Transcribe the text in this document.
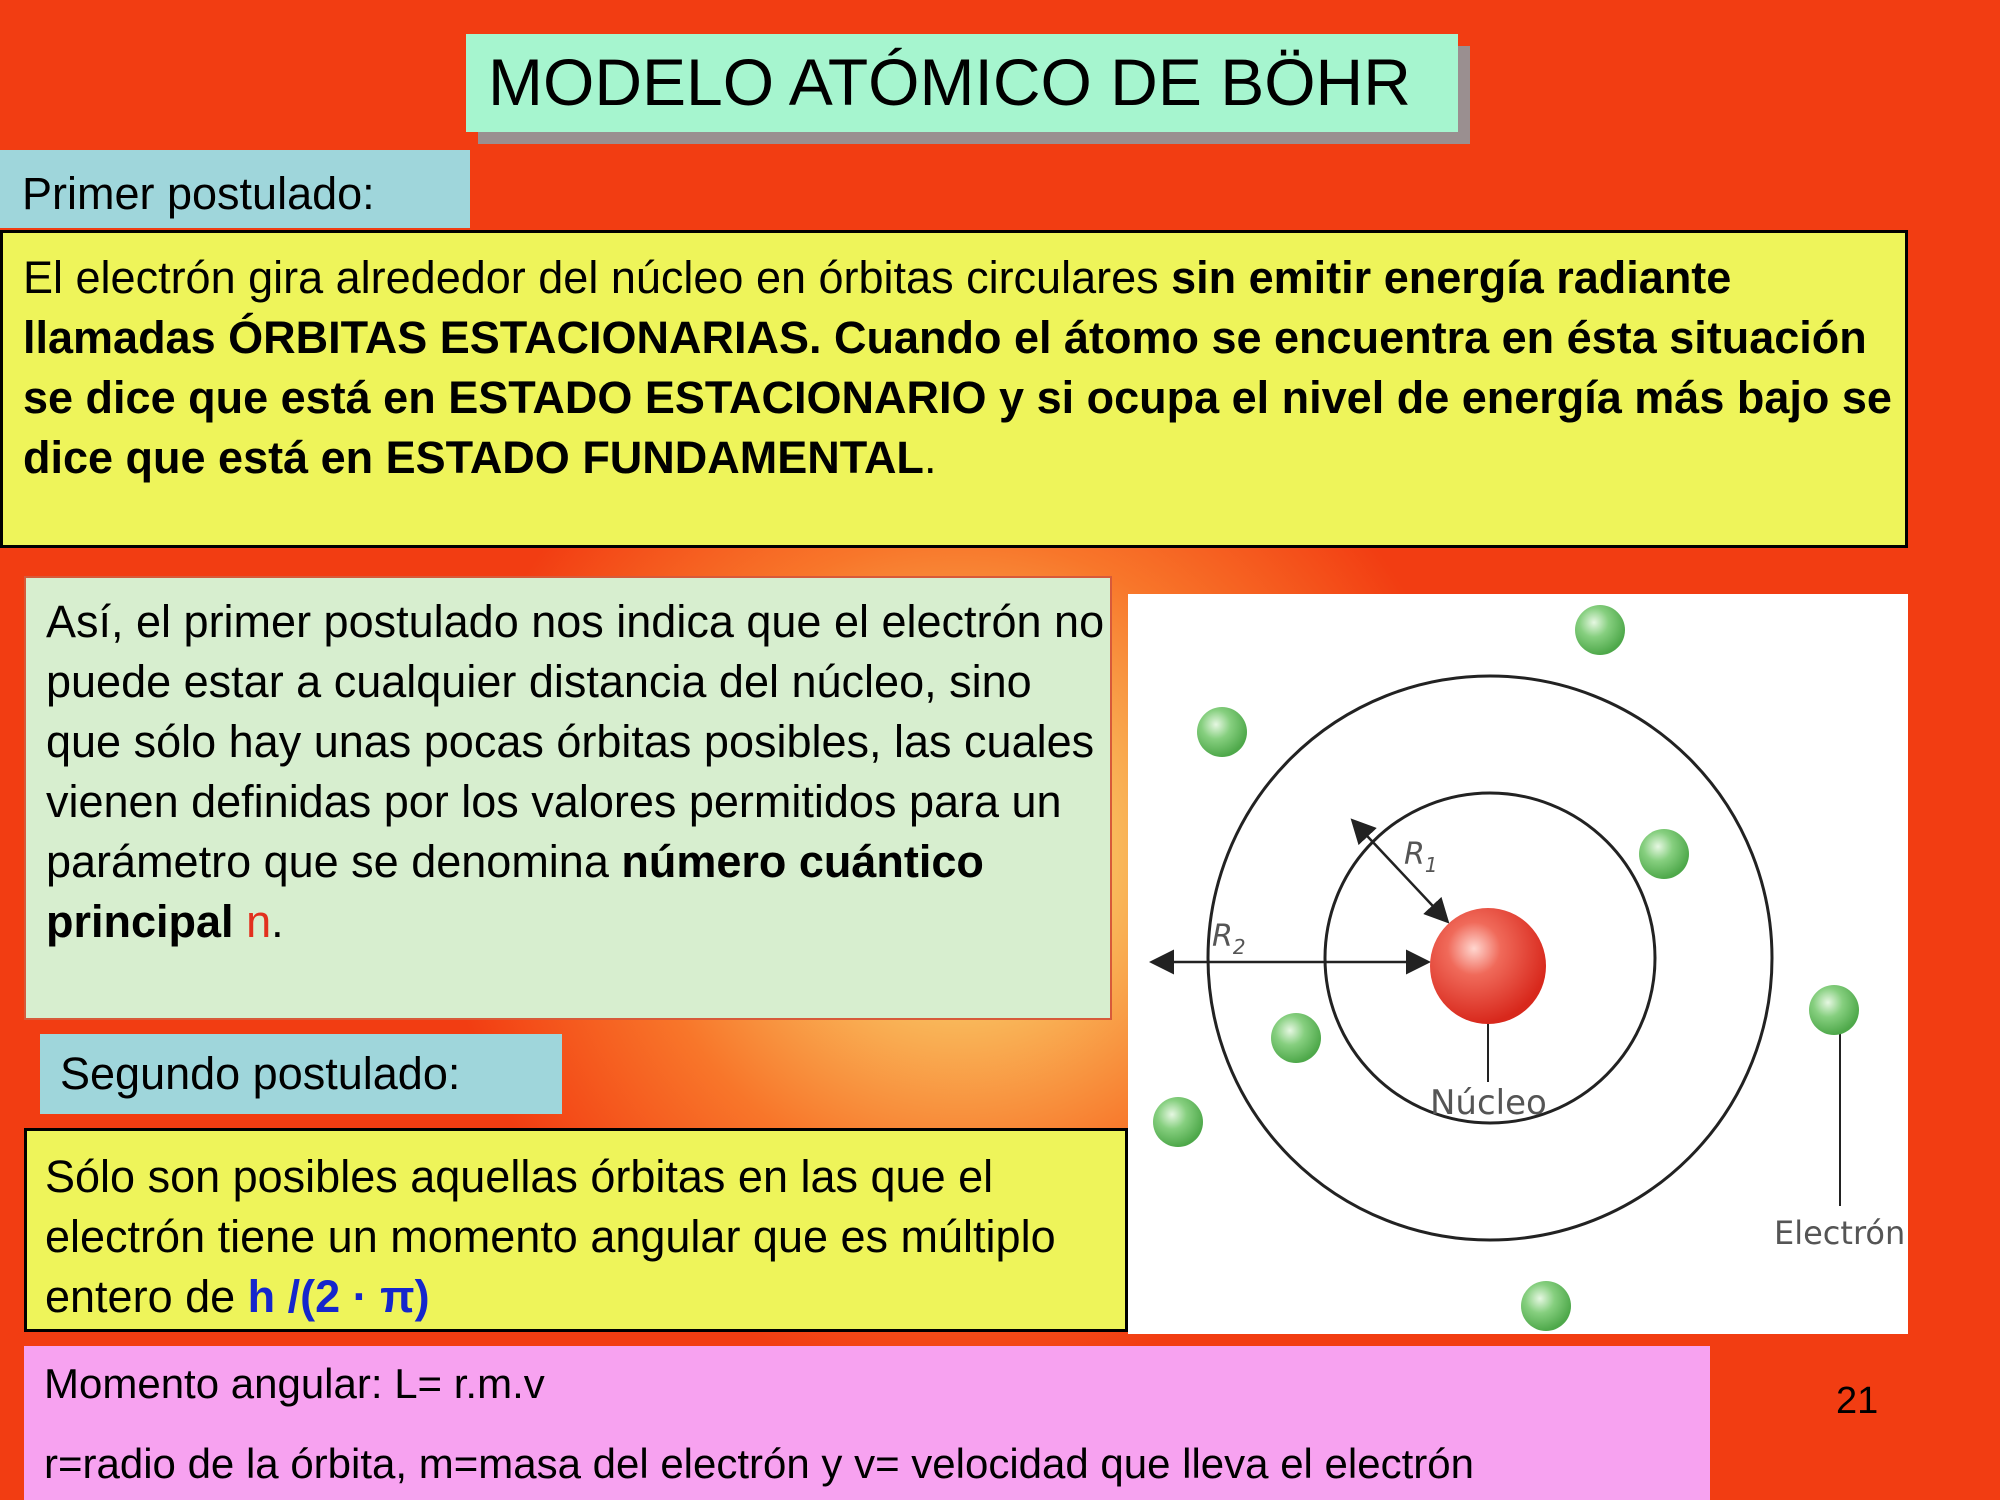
MODELO ATÓMICO DE BÖHR
Primer postulado:
El electrón gira alrededor del núcleo en órbitas circulares sin emitir energía radiante llamadas ÓRBITAS ESTACIONARIAS. Cuando el átomo se encuentra en ésta situación se dice que está en ESTADO ESTACIONARIO y si ocupa el nivel de energía más bajo se dice que está en ESTADO FUNDAMENTAL.
Así, el primer postulado nos indica que el electrón no puede estar a cualquier distancia del núcleo, sino que sólo hay unas pocas órbitas posibles, las cuales vienen definidas por los valores permitidos para un parámetro que se denomina número cuántico principal n.
Segundo postulado:
Sólo son posibles aquellas órbitas en las que el electrón tiene un momento angular que es múltiplo entero de h /(2 · π)
$R_1$
$R_2$
Núcleo
Electrón
Momento angular: L= r.m.v
r=radio de la órbita, m=masa del electrón y v= velocidad que lleva el electrón
21
